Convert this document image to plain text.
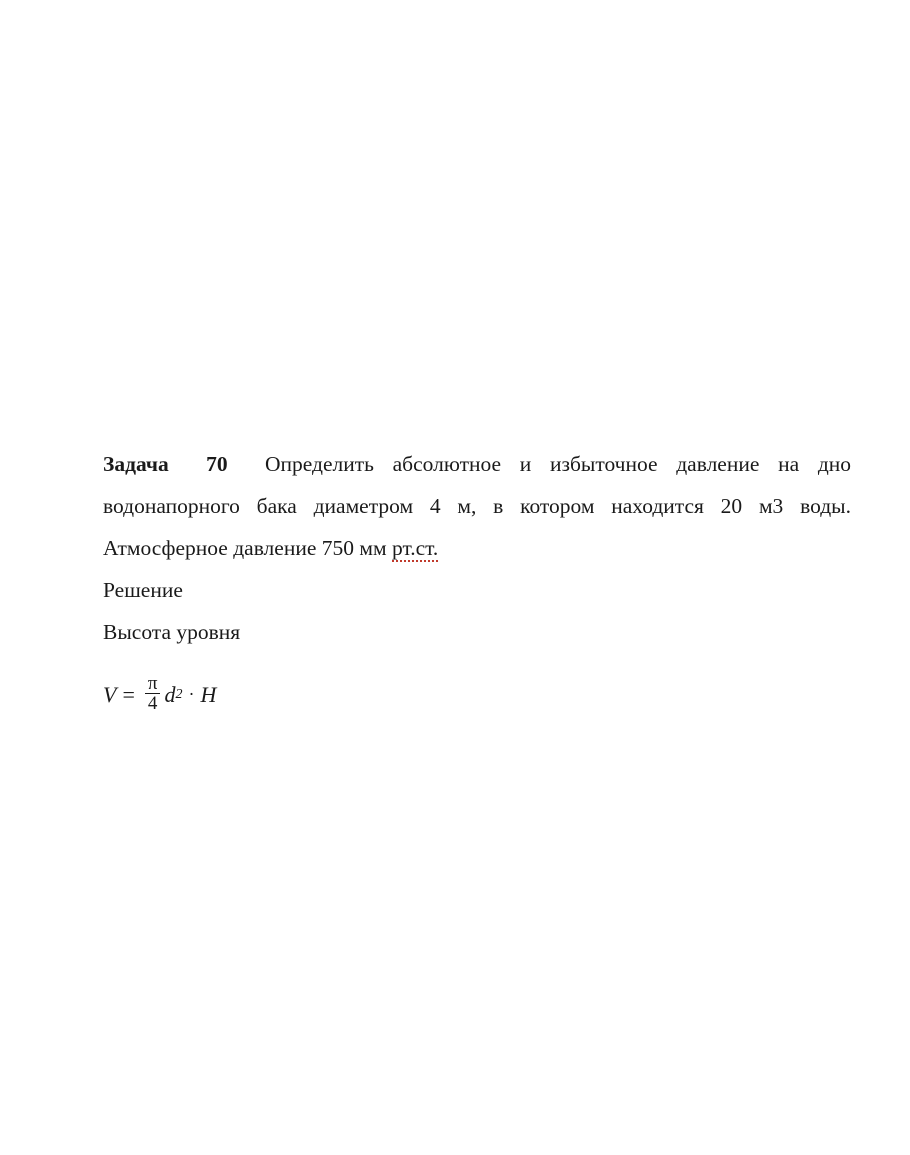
Задача 70 Определить абсолютное и избыточное давление на дно водонапорного бака диаметром 4 м, в котором находится 20 м3 воды. Атмосферное давление 750 мм рт.ст.

Решение

Высота уровня

$V = \frac{\pi}{4}$ d 2 · H
